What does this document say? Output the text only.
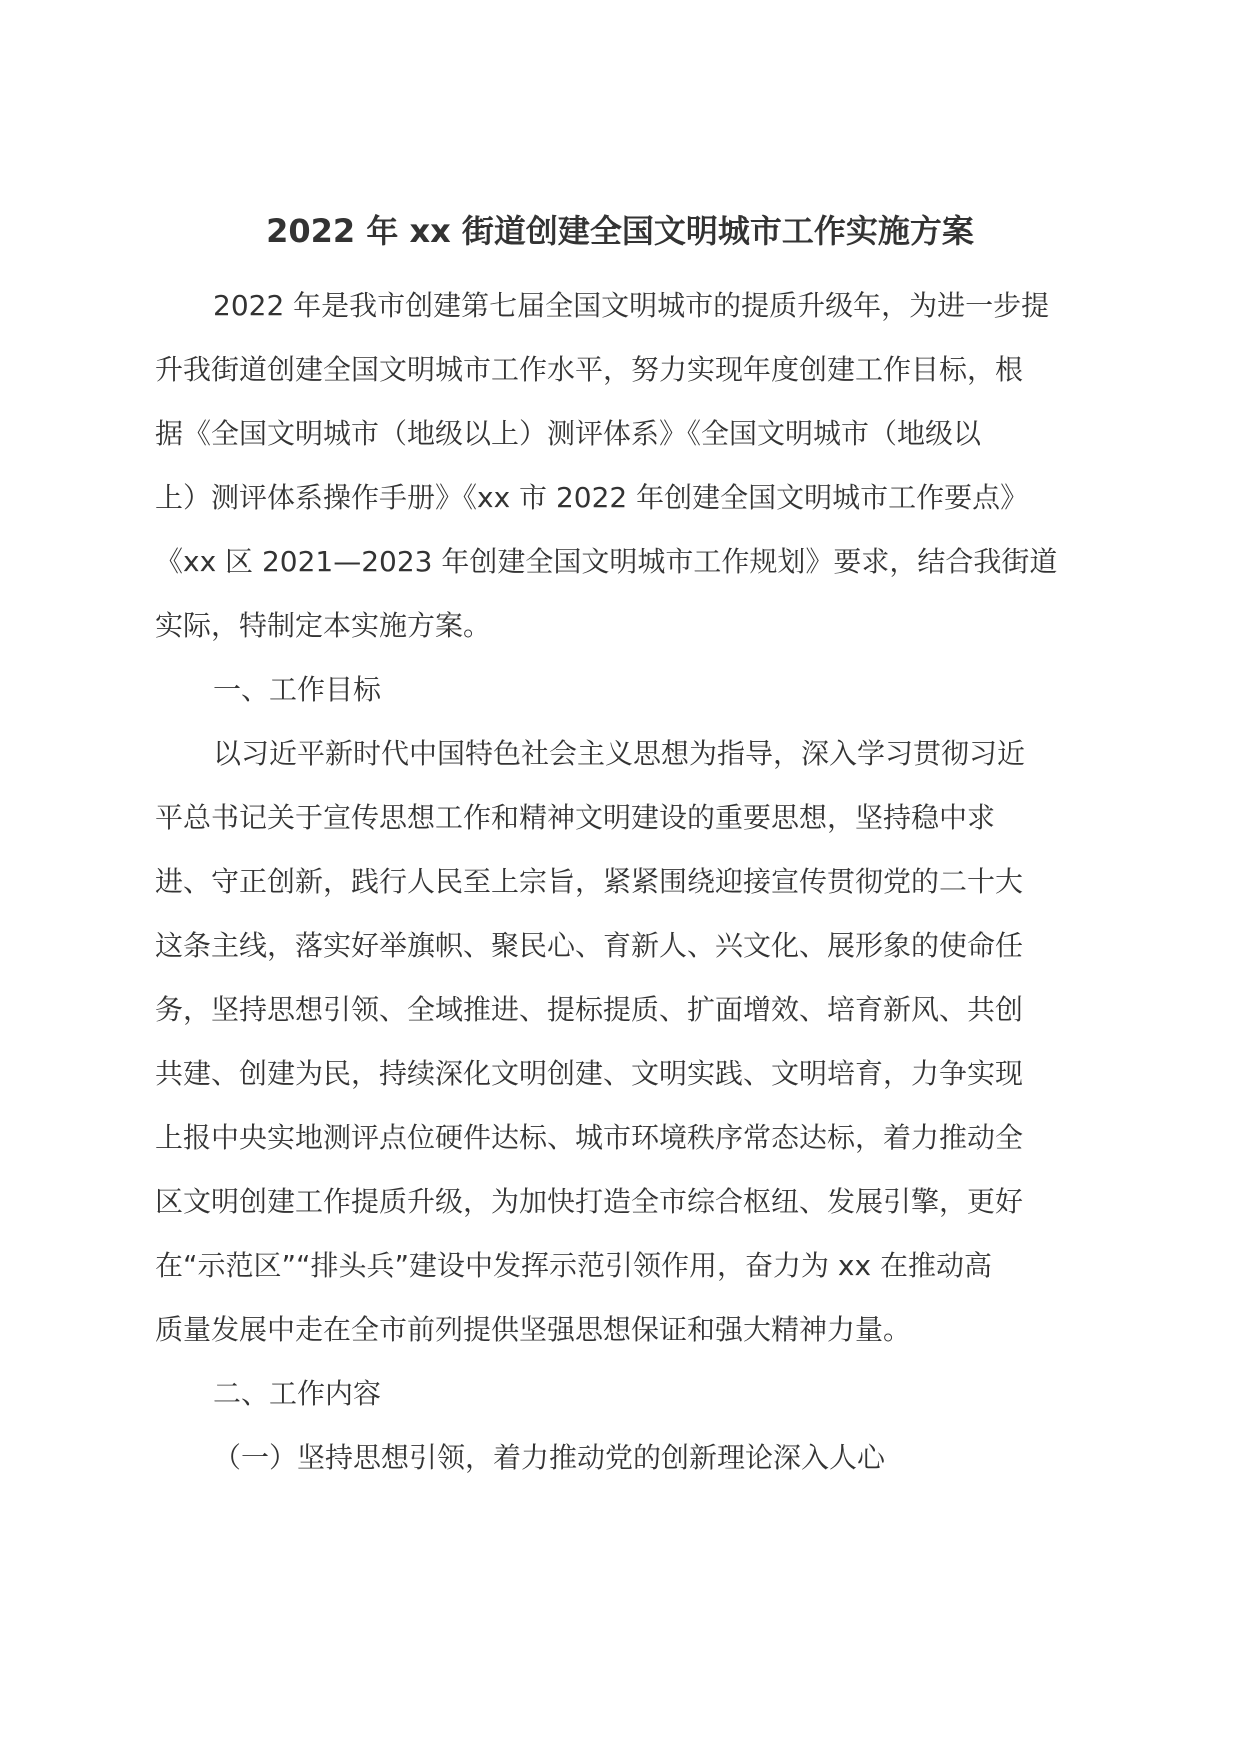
2022 年 xx 街道创建全国文明城市工作实施方案
2022 年是我市创建第七届全国文明城市的提质升级年，为进一步提
升我街道创建全国文明城市工作水平，努力实现年度创建工作目标，根
据《全国文明城市（地级以上）测评体系》《全国文明城市（地级以
上）测评体系操作手册》《xx 市 2022 年创建全国文明城市工作要点》
《xx 区 2021—2023 年创建全国文明城市工作规划》要求，结合我街道
实际，特制定本实施方案。
一、工作目标
以习近平新时代中国特色社会主义思想为指导，深入学习贯彻习近
平总书记关于宣传思想工作和精神文明建设的重要思想，坚持稳中求
进、守正创新，践行人民至上宗旨，紧紧围绕迎接宣传贯彻党的二十大
这条主线，落实好举旗帜、聚民心、育新人、兴文化、展形象的使命任
务，坚持思想引领、全域推进、提标提质、扩面增效、培育新风、共创
共建、创建为民，持续深化文明创建、文明实践、文明培育，力争实现
上报中央实地测评点位硬件达标、城市环境秩序常态达标，着力推动全
区文明创建工作提质升级，为加快打造全市综合枢纽、发展引擎，更好
在“示范区”“排头兵”建设中发挥示范引领作用，奋力为 xx 在推动高
质量发展中走在全市前列提供坚强思想保证和强大精神力量。
二、工作内容
（一）坚持思想引领，着力推动党的创新理论深入人心
